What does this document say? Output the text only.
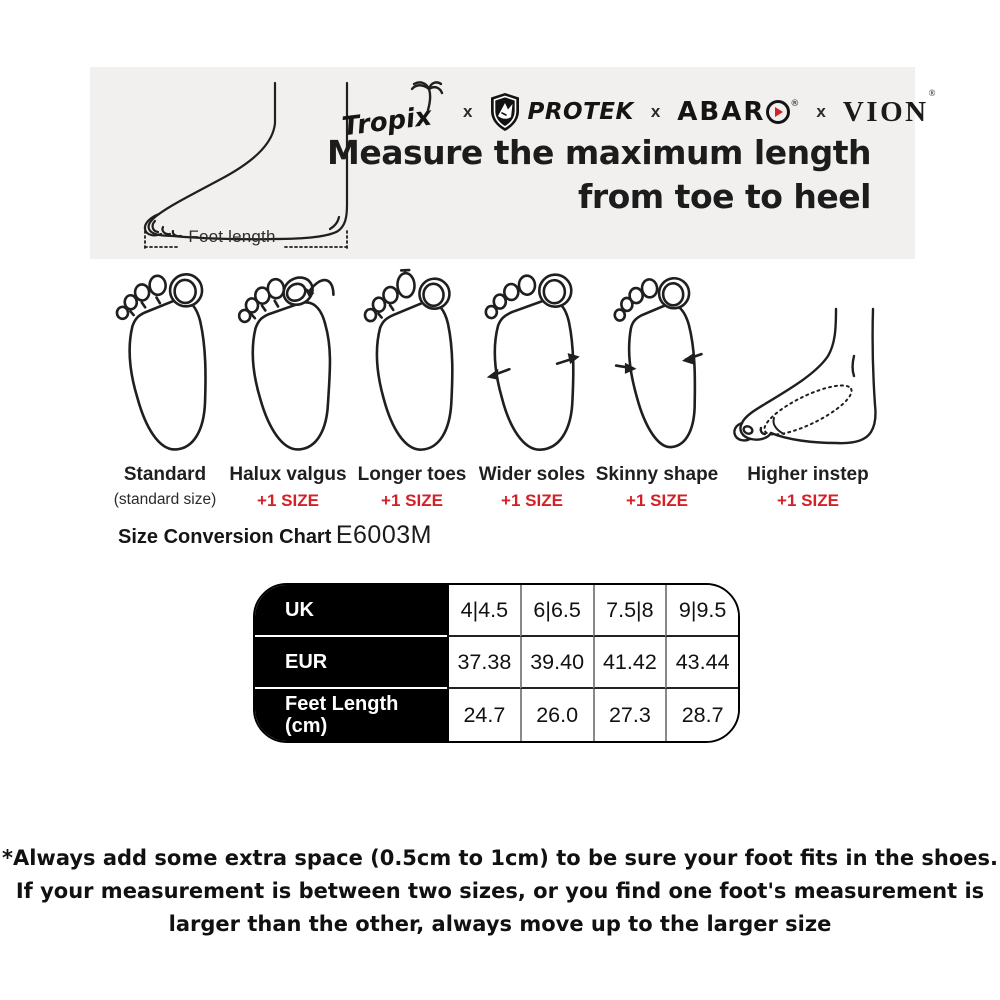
Foot length
Tropix x PROTEK x ABAR	® x VION®
Measure the maximum length
from toe to heel
Standard
(standard size)
Halux valgus
+1 SIZE
Longer toes
+1 SIZE
Wider soles
+1 SIZE
Skinny shape
+1 SIZE
Higher instep
+1 SIZE
Size Conversion Chart E6003M
UK	4|4.5	6|6.5	7.5|8	9|9.5
EUR	37.38 39.40 41.42 43.44
Feet Length (cm)	24.7	26.0	27.3	28.7
*Always add some extra space (0.5cm to 1cm) to be sure your foot fits in the shoes.
If your measurement is between two sizes, or you find one foot's measurement is
larger than the other, always move up to the larger size
